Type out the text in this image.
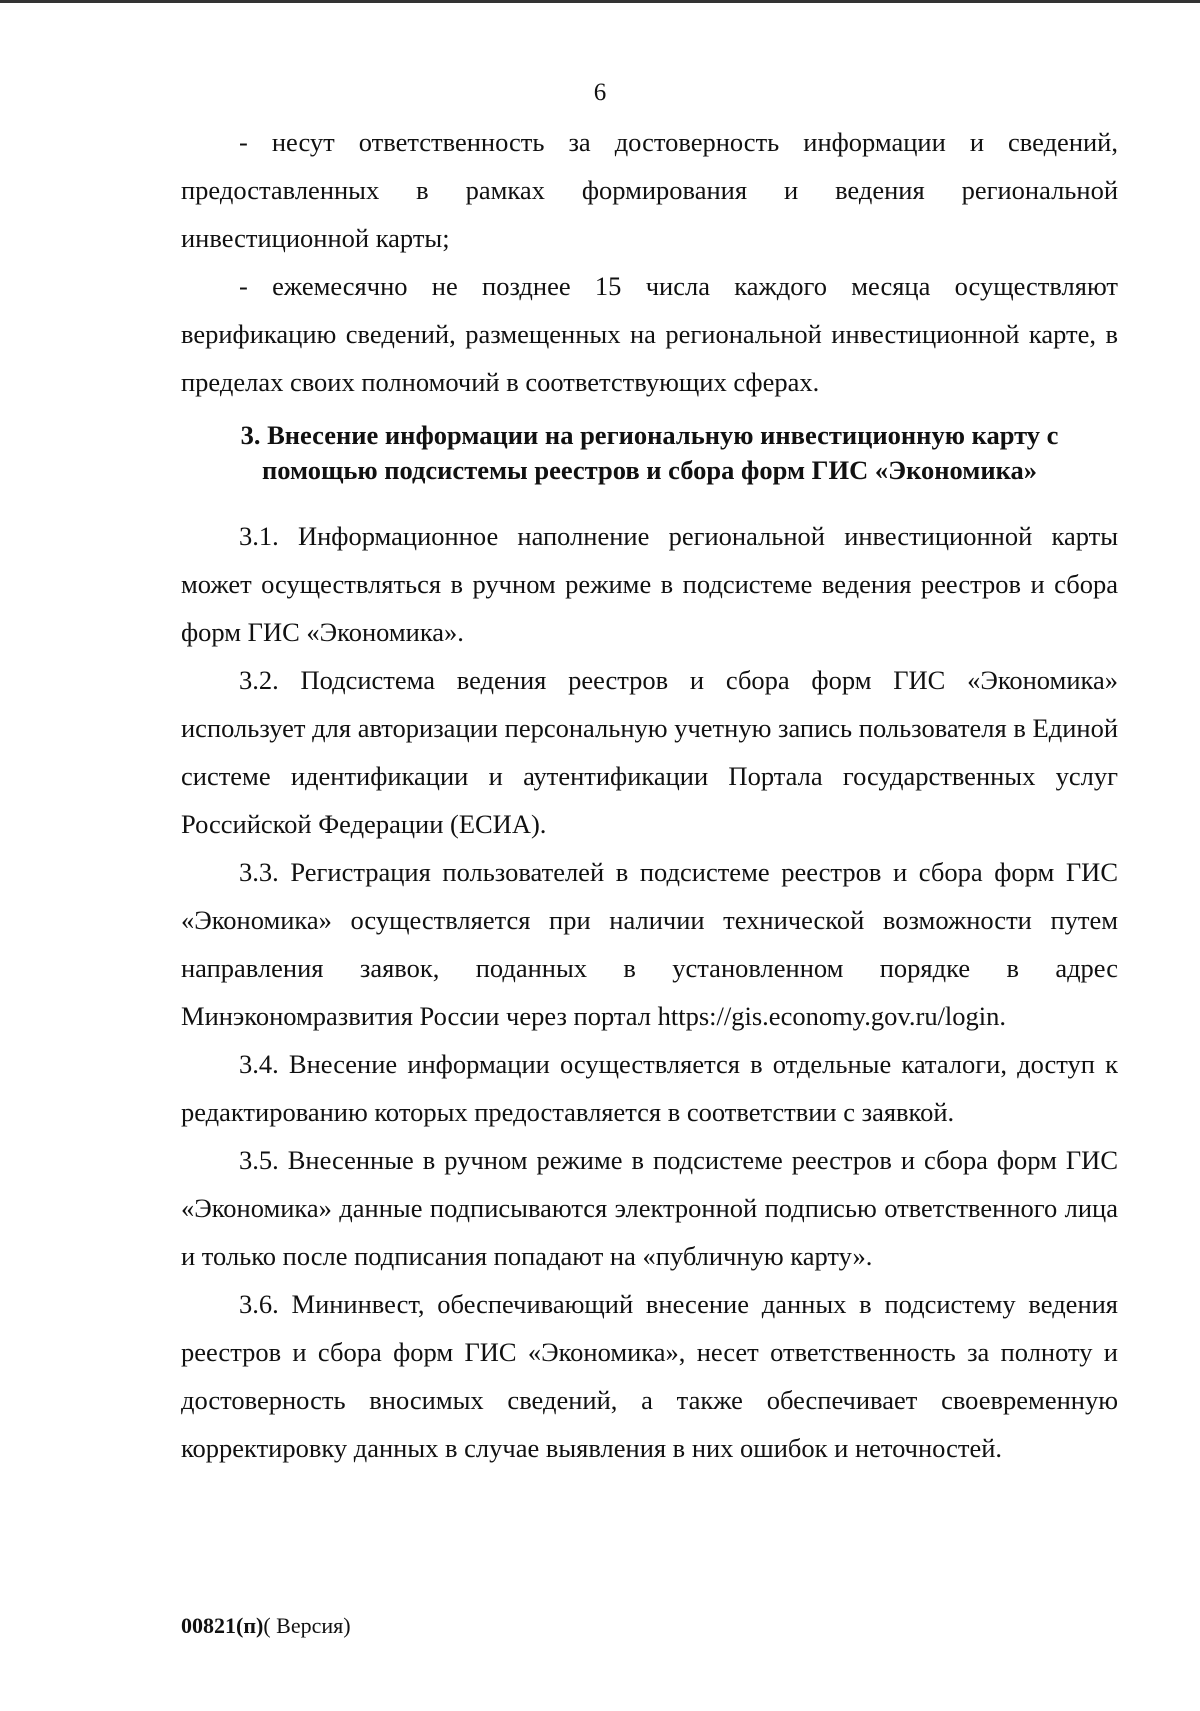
6

- несут ответственность за достоверность информации и сведений, предоставленных в рамках формирования и ведения региональной инвестиционной карты;

- ежемесячно не позднее 15 числа каждого месяца осуществляют верификацию сведений, размещенных на региональной инвестиционной карте, в пределах своих полномочий в соответствующих сферах.

3. Внесение информации на региональную инвестиционную карту с
помощью подсистемы реестров и сбора форм ГИС «Экономика»

3.1. Информационное наполнение региональной инвестиционной карты может осуществляться в ручном режиме в подсистеме ведения реестров и сбора форм ГИС «Экономика».

3.2. Подсистема ведения реестров и сбора форм ГИС «Экономика» использует для авторизации персональную учетную запись пользователя в Единой системе идентификации и аутентификации Портала государственных услуг Российской Федерации (ЕСИА).

3.3. Регистрация пользователей в подсистеме реестров и сбора форм ГИС «Экономика» осуществляется при наличии технической возможности путем направления заявок, поданных в установленном порядке в адрес Минэкономразвития России через портал https://gis.economy.gov.ru/login.

3.4. Внесение информации осуществляется в отдельные каталоги, доступ к редактированию которых предоставляется в соответствии с заявкой.

3.5. Внесенные в ручном режиме в подсистеме реестров и сбора форм ГИС «Экономика» данные подписываются электронной подписью ответственного лица и только после подписания попадают на «публичную карту».

3.6. Мининвест, обеспечивающий внесение данных в подсистему ведения реестров и сбора форм ГИС «Экономика», несет ответственность за полноту и достоверность вносимых сведений, а также обеспечивает своевременную корректировку данных в случае выявления в них ошибок и неточностей.

00821(п)( Версия)
